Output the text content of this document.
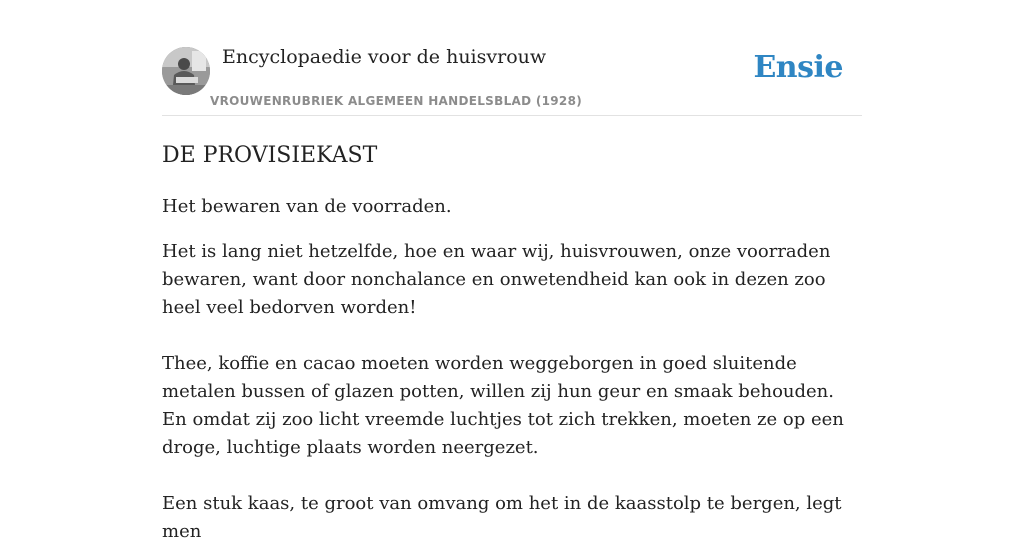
Encyclopaedie voor de huisvrouw
VROUWENRUBRIEK ALGEMEEN HANDELSBLAD (1928)
Ensie
DE PROVISIEKAST

Het bewaren van de voorraden.

Het is lang niet hetzelfde, hoe en waar wij, huisvrouwen, onze voorraden bewaren, want door nonchalance en onwetendheid kan ook in dezen zoo heel veel bedorven worden!

Thee, koffie en cacao moeten worden weggeborgen in goed sluitende metalen bussen of glazen potten, willen zij hun geur en smaak behouden. En omdat zij zoo licht vreemde luchtjes tot zich trekken, moeten ze op een droge, luchtige plaats worden neergezet.

Een stuk kaas, te groot van omvang om het in de kaasstolp te bergen, legt men
